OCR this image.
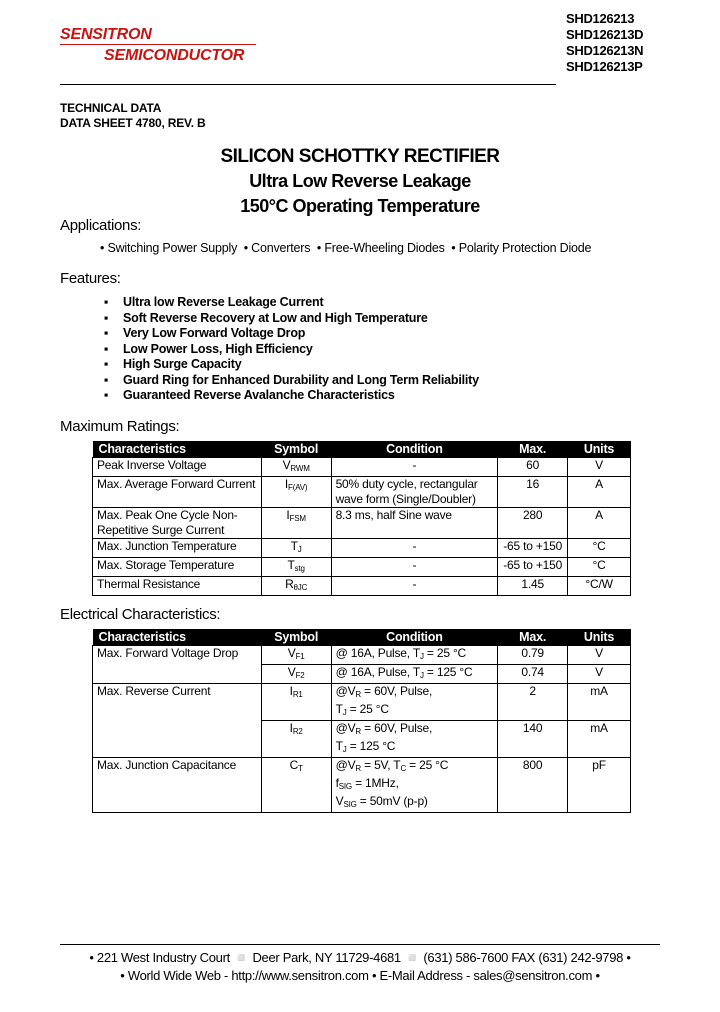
SENSITRON
SEMICONDUCTOR
SHD126213
SHD126213D
SHD126213N
SHD126213P
TECHNICAL DATA
DATA SHEET 4780, REV. B
SILICON SCHOTTKY RECTIFIER
Ultra Low Reverse Leakage
150°C Operating Temperature
Applications:
• Switching Power Supply  • Converters  • Free-Wheeling Diodes  • Polarity Protection Diode
Features:
▪ Ultra low Reverse Leakage Current
▪ Soft Reverse Recovery at Low and High Temperature
▪ Very Low Forward Voltage Drop
▪ Low Power Loss, High Efficiency
▪ High Surge Capacity
▪ Guard Ring for Enhanced Durability and Long Term Reliability
▪ Guaranteed Reverse Avalanche Characteristics
Maximum Ratings:
Characteristics	Symbol	Condition	Max.	Units
Peak Inverse Voltage	$V_{RWM}$	-	60	V
Max. Average Forward Current	$I_{F(AV)}$	50% duty cycle, rectangular wave form (Single/Doubler)	16	A
Max. Peak One Cycle Non-Repetitive Surge Current	$I_{FSM}$	8.3 ms, half Sine wave	280	A
Max. Junction Temperature	$T_J$	-	-65 to +150	°C
Max. Storage Temperature	$T_{stg}$	-	-65 to +150	°C
Thermal Resistance	$R_{\theta JC}$	-	1.45	°C/W
Electrical Characteristics:
Characteristics	Symbol	Condition	Max.	Units
Max. Forward Voltage Drop	$V_{F1}$	@ 16A, Pulse, $T_J = 25$ °C	0.79	V
	$V_{F2}$	@ 16A, Pulse, $T_J = 125$ °C	0.74	V
Max. Reverse Current	$I_{R1}$	$@V_R = 60V$, Pulse,
$T_J = 25$ °C	2	mA
	$I_{R2}$	$@V_R = 60V$, Pulse,
$T_J = 125$ °C	140	mA
Max. Junction Capacitance	$C_T$	$@V_R = 5V$, $T_C = 25$ °C
$f_{SIG} = 1MHz$,
$V_{SIG} = 50mV$ (p-p)	800	pF
• 221 West Industry Court ◽ Deer Park, NY 11729-4681 ◽ (631) 586-7600 FAX (631) 242-9798 •
• World Wide Web - http://www.sensitron.com • E-Mail Address - sales@sensitron.com •
